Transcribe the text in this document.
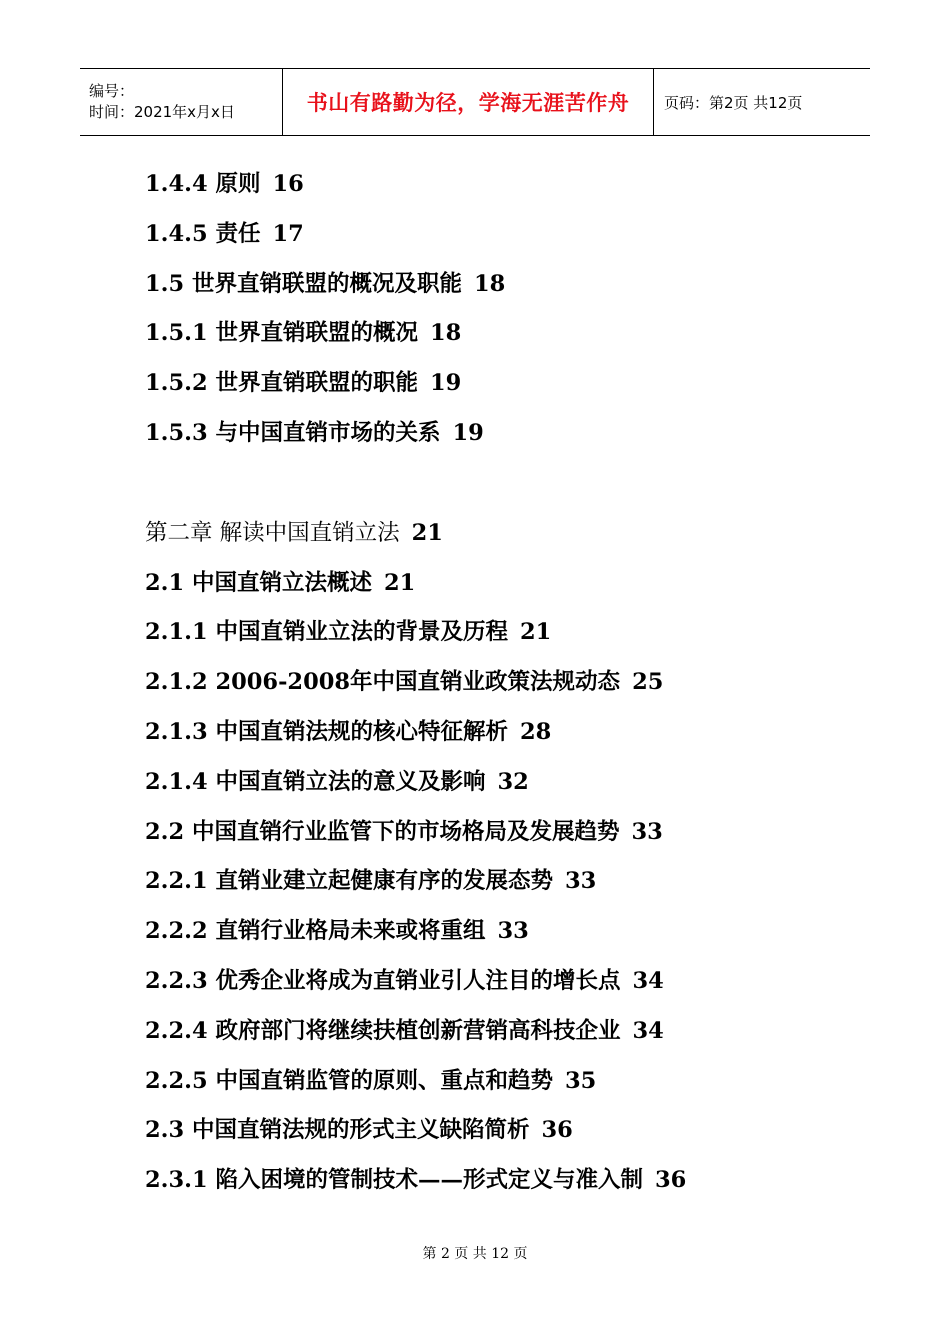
编号：
时间：2021年x月x日	书山有路勤为径，学海无涯苦作舟 页码：第2页 共12页
1.4.4 原则 16
1.4.5 责任 17
1.5 世界直销联盟的概况及职能 18
1.5.1 世界直销联盟的概况 18
1.5.2 世界直销联盟的职能 19
1.5.3 与中国直销市场的关系 19
第二章 解读中国直销立法 21
2.1 中国直销立法概述 21
2.1.1 中国直销业立法的背景及历程 21
2.1.2 2006-2008年中国直销业政策法规动态 25
2.1.3 中国直销法规的核心特征解析 28
2.1.4 中国直销立法的意义及影响 32
2.2 中国直销行业监管下的市场格局及发展趋势 33
2.2.1 直销业建立起健康有序的发展态势 33
2.2.2 直销行业格局未来或将重组 33
2.2.3 优秀企业将成为直销业引人注目的增长点 34
2.2.4 政府部门将继续扶植创新营销高科技企业 34
2.2.5 中国直销监管的原则、重点和趋势 35
2.3 中国直销法规的形式主义缺陷简析 36
2.3.1 陷入困境的管制技术——形式定义与准入制 36
第 2 页 共 12 页
